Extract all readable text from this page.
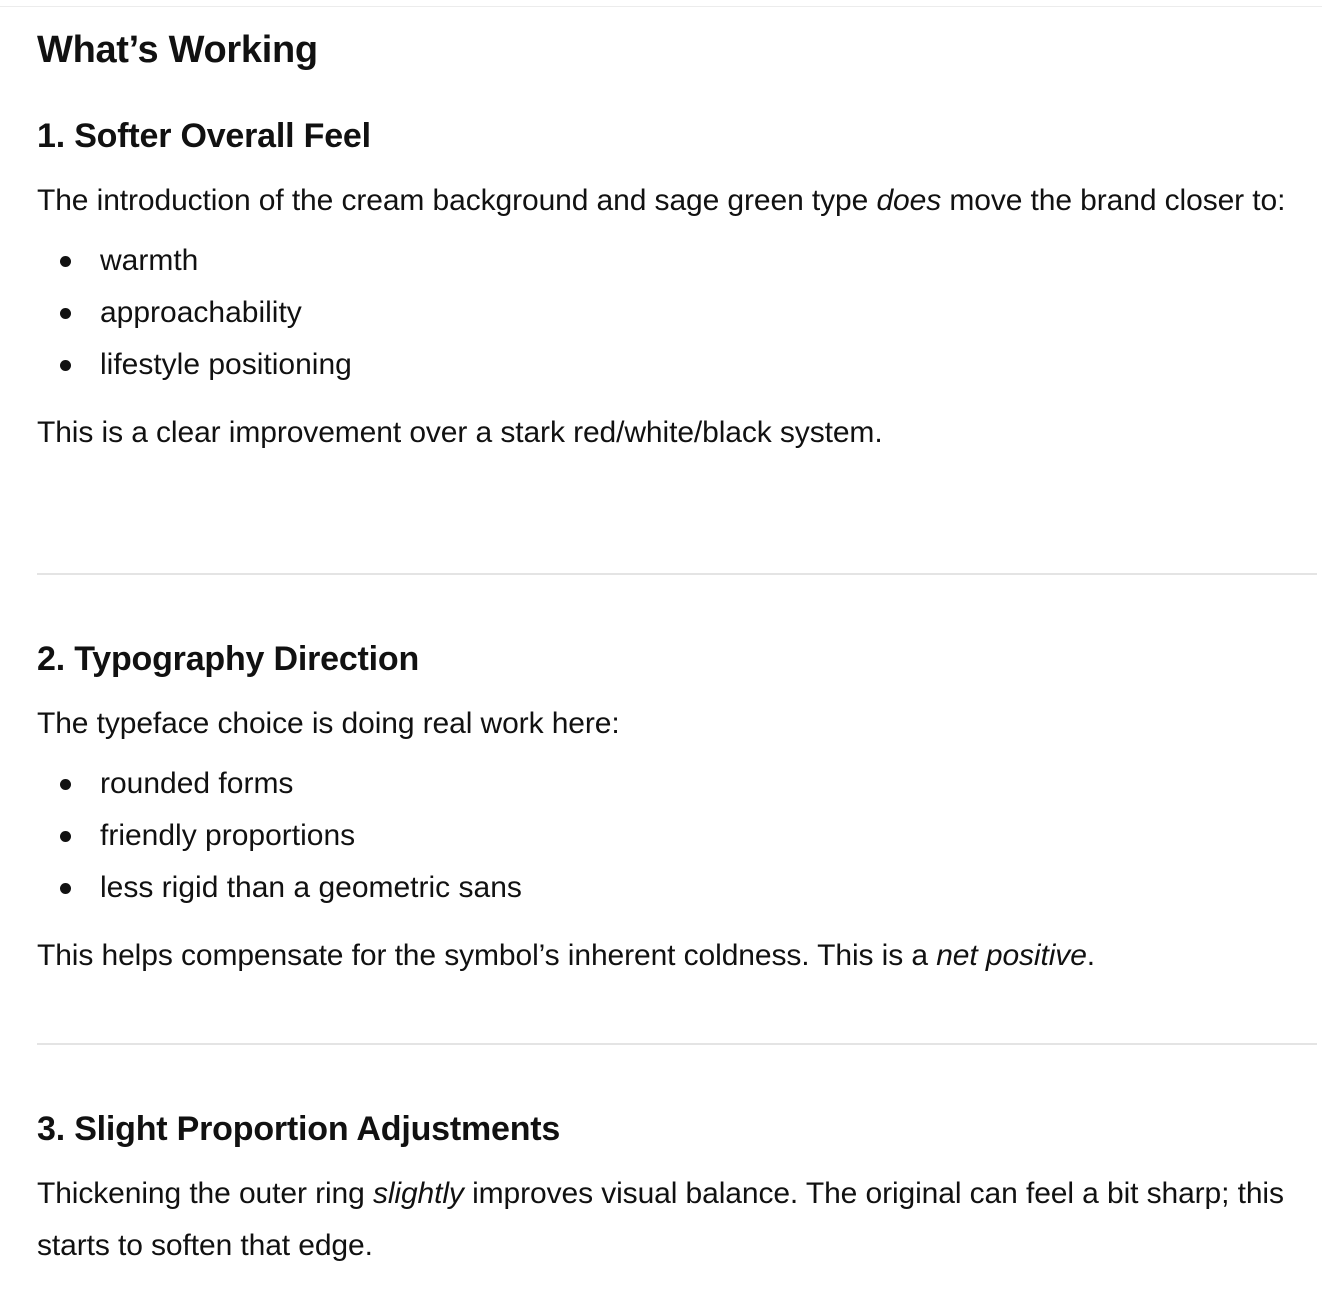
What’s Working
1. Softer Overall Feel

The introduction of the cream background and sage green type does move the brand closer to:

warmth
approachability
lifestyle positioning

This is a clear improvement over a stark red/white/black system.

2. Typography Direction

The typeface choice is doing real work here:

rounded forms
friendly proportions
less rigid than a geometric sans

This helps compensate for the symbol’s inherent coldness. This is a net positive.

3. Slight Proportion Adjustments

Thickening the outer ring slightly improves visual balance. The original can feel a bit sharp; this starts to soften that edge.
